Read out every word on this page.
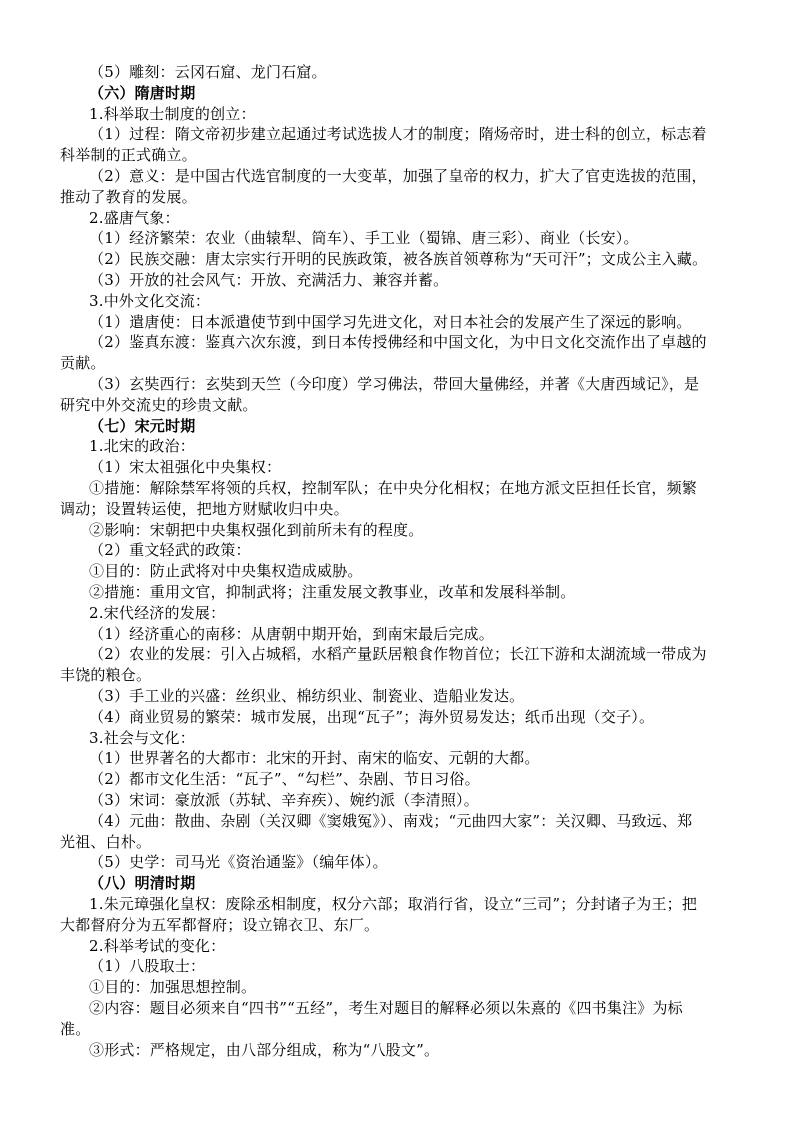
（5）雕刻：云冈石窟、龙门石窟。
（六）隋唐时期
1.科举取士制度的创立：
（1）过程：隋文帝初步建立起通过考试选拔人才的制度；隋炀帝时，进士科的创立，标志着
科举制的正式确立。
（2）意义：是中国古代选官制度的一大变革，加强了皇帝的权力，扩大了官吏选拔的范围，
推动了教育的发展。
2.盛唐气象：
（1）经济繁荣：农业（曲辕犁、筒车）、手工业（蜀锦、唐三彩）、商业（长安）。
（2）民族交融：唐太宗实行开明的民族政策，被各族首领尊称为“天可汗”；文成公主入藏。
（3）开放的社会风气：开放、充满活力、兼容并蓄。
3.中外文化交流：
（1）遣唐使：日本派遣使节到中国学习先进文化，对日本社会的发展产生了深远的影响。
（2）鉴真东渡：鉴真六次东渡，到日本传授佛经和中国文化，为中日文化交流作出了卓越的
贡献。
（3）玄奘西行：玄奘到天竺（今印度）学习佛法，带回大量佛经，并著《大唐西域记》，是
研究中外交流史的珍贵文献。
（七）宋元时期
1.北宋的政治：
（1）宋太祖强化中央集权：
①措施：解除禁军将领的兵权，控制军队；在中央分化相权；在地方派文臣担任长官，频繁
调动；设置转运使，把地方财赋收归中央。
②影响：宋朝把中央集权强化到前所未有的程度。
（2）重文轻武的政策：
①目的：防止武将对中央集权造成威胁。
②措施：重用文官，抑制武将；注重发展文教事业，改革和发展科举制。
2.宋代经济的发展：
（1）经济重心的南移：从唐朝中期开始，到南宋最后完成。
（2）农业的发展：引入占城稻，水稻产量跃居粮食作物首位；长江下游和太湖流域一带成为
丰饶的粮仓。
（3）手工业的兴盛：丝织业、棉纺织业、制瓷业、造船业发达。
（4）商业贸易的繁荣：城市发展，出现“瓦子”；海外贸易发达；纸币出现（交子）。
3.社会与文化：
（1）世界著名的大都市：北宋的开封、南宋的临安、元朝的大都。
（2）都市文化生活：“瓦子”、“勾栏”、杂剧、节日习俗。
（3）宋词：豪放派（苏轼、辛弃疾）、婉约派（李清照）。
（4）元曲：散曲、杂剧（关汉卿《窦娥冤》）、南戏；“元曲四大家”：关汉卿、马致远、郑
光祖、白朴。
（5）史学：司马光《资治通鉴》（编年体）。
（八）明清时期
1.朱元璋强化皇权：废除丞相制度，权分六部；取消行省，设立“三司”；分封诸子为王；把
大都督府分为五军都督府；设立锦衣卫、东厂。
2.科举考试的变化：
（1）八股取士：
①目的：加强思想控制。
②内容：题目必须来自“四书”“五经”，考生对题目的解释必须以朱熹的《四书集注》为标
准。
③形式：严格规定，由八部分组成，称为“八股文”。
